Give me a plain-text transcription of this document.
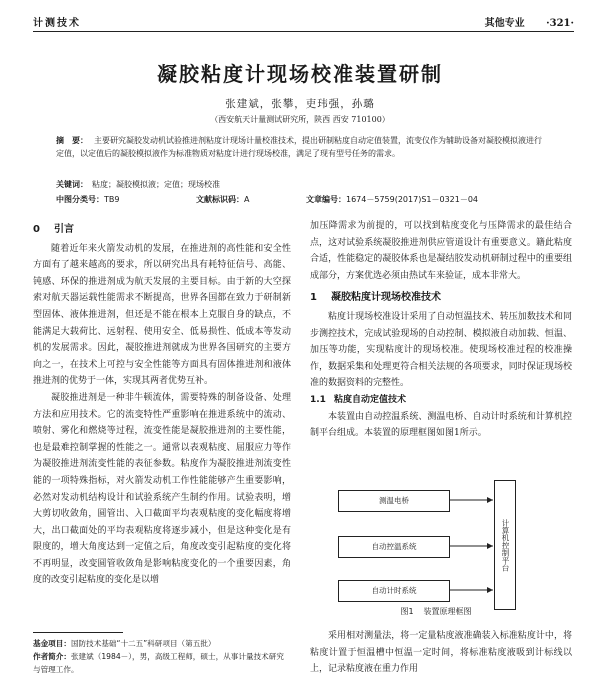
计测技术	其他专业 ·321·
凝胶粘度计现场校准装置研制
张建斌，张攀，吏玮强，孙璐
（西安航天计量测试研究所，陕西 西安 710100）
摘　要： 主要研究凝胶发动机试验推进剂粘度计现场计量校准技术，提出研制粘度自动定值装置，流变仪作为辅助设备对凝胶模拟液进行定值，以定值后的凝胶模拟液作为标准物质对粘度计进行现场校准，满足了现有型号任务的需求。
关键词： 粘度；凝胶模拟液；定值；现场校准
中图分类号：TB9	文献标识码：A	文章编号：1674－5759(2017)S1－0321－04
0 引言

随着近年来火箭发动机的发展，在推进剂的高性能和安全性方面有了越来越高的要求，所以研究出具有耗特征信号、高能、钝感、环保的推进剂成为航天发展的主要目标。由于新的大空探索对航天器运载性能需求不断提高，世界各国都在致力于研制新型固体、液体推进剂，但还是不能在根本上克服自身的缺点，不能满足大载荷比、远射程、使用安全、低易损性、低成本等发动机的发展需求。因此，凝胶推进剂就成为世界各国研究的主要方向之一，在技术上可控与安全性能等方面具有固体推进剂和液体推进剂的优势于一体，实现其两者优势互补。

凝胶推进剂是一种非牛顿流体，需要特殊的制备设备、处理方法和应用技术。它的流变特性严重影响在推进系统中的流动、喷射、雾化和燃烧等过程，流变性能是凝胶推进剂的主要性能，也是最难控制掌握的性能之一。通常以表观粘度、屈服应力等作为凝胶推进剂流变性能的表征参数。粘度作为凝胶推进剂流变性能的一项特殊指标，对火箭发动机工作性能能够产生重要影响，必然对发动机结构设计和试验系统产生制约作用。试验表明，增大剪切收敛角，圆管出、入口截面平均表观粘度的变化幅度将增大，出口截面处的平均表观粘度将逐步减小，但是这种变化是有限度的，增大角度达到一定值之后，角度改变引起粘度的变化将不再明显，改变圆管收敛角是影响粘度变化的一个重要因素，角度的改变引起粘度的变化是以增

加压降需求为前提的，可以找到粘度变化与压降需求的最佳结合点，这对试验系统凝胶推进剂供应管道设计有重要意义。籍此粘度合适，性能稳定的凝胶体系也是凝结胶发动机研制过程中的重要组成部分，方案优选必须由热试车来验证，成本非常大。

1 凝胶粘度计现场校准技术

粘度计现场校准设计采用了自动恒温技术、转压加数技术和同步测控技术，完成试验现场的自动控制、模拟液自动加载、恒温、加压等功能，实现粘度计的现场校准。使现场校准过程的校准操作，数据采集和处理更符合相关法规的各项要求，同时保证现场校准的数据资料的完整性。

1.1 粘度自动定值技术

本装置由自动控温系统、测温电桥、自动计时系统和计算机控制平台组成。本装置的原理框图如图1所示。

测温电桥
自动控温系统
自动计时系统
计算机控制平台
图1 装置原理框图

采用相对测量法，将一定量粘度液准确装入标准粘度计中，将粘度计置于恒温槽中恒温一定时间，将标准粘度液吸到计标线以上，记录粘度液在重力作用

基金项目：国防技术基础“十二五”科研项目（第五批）
作者简介：张建斌（1984－），男，高级工程师，硕士，从事计量技术研究与管理工作。
